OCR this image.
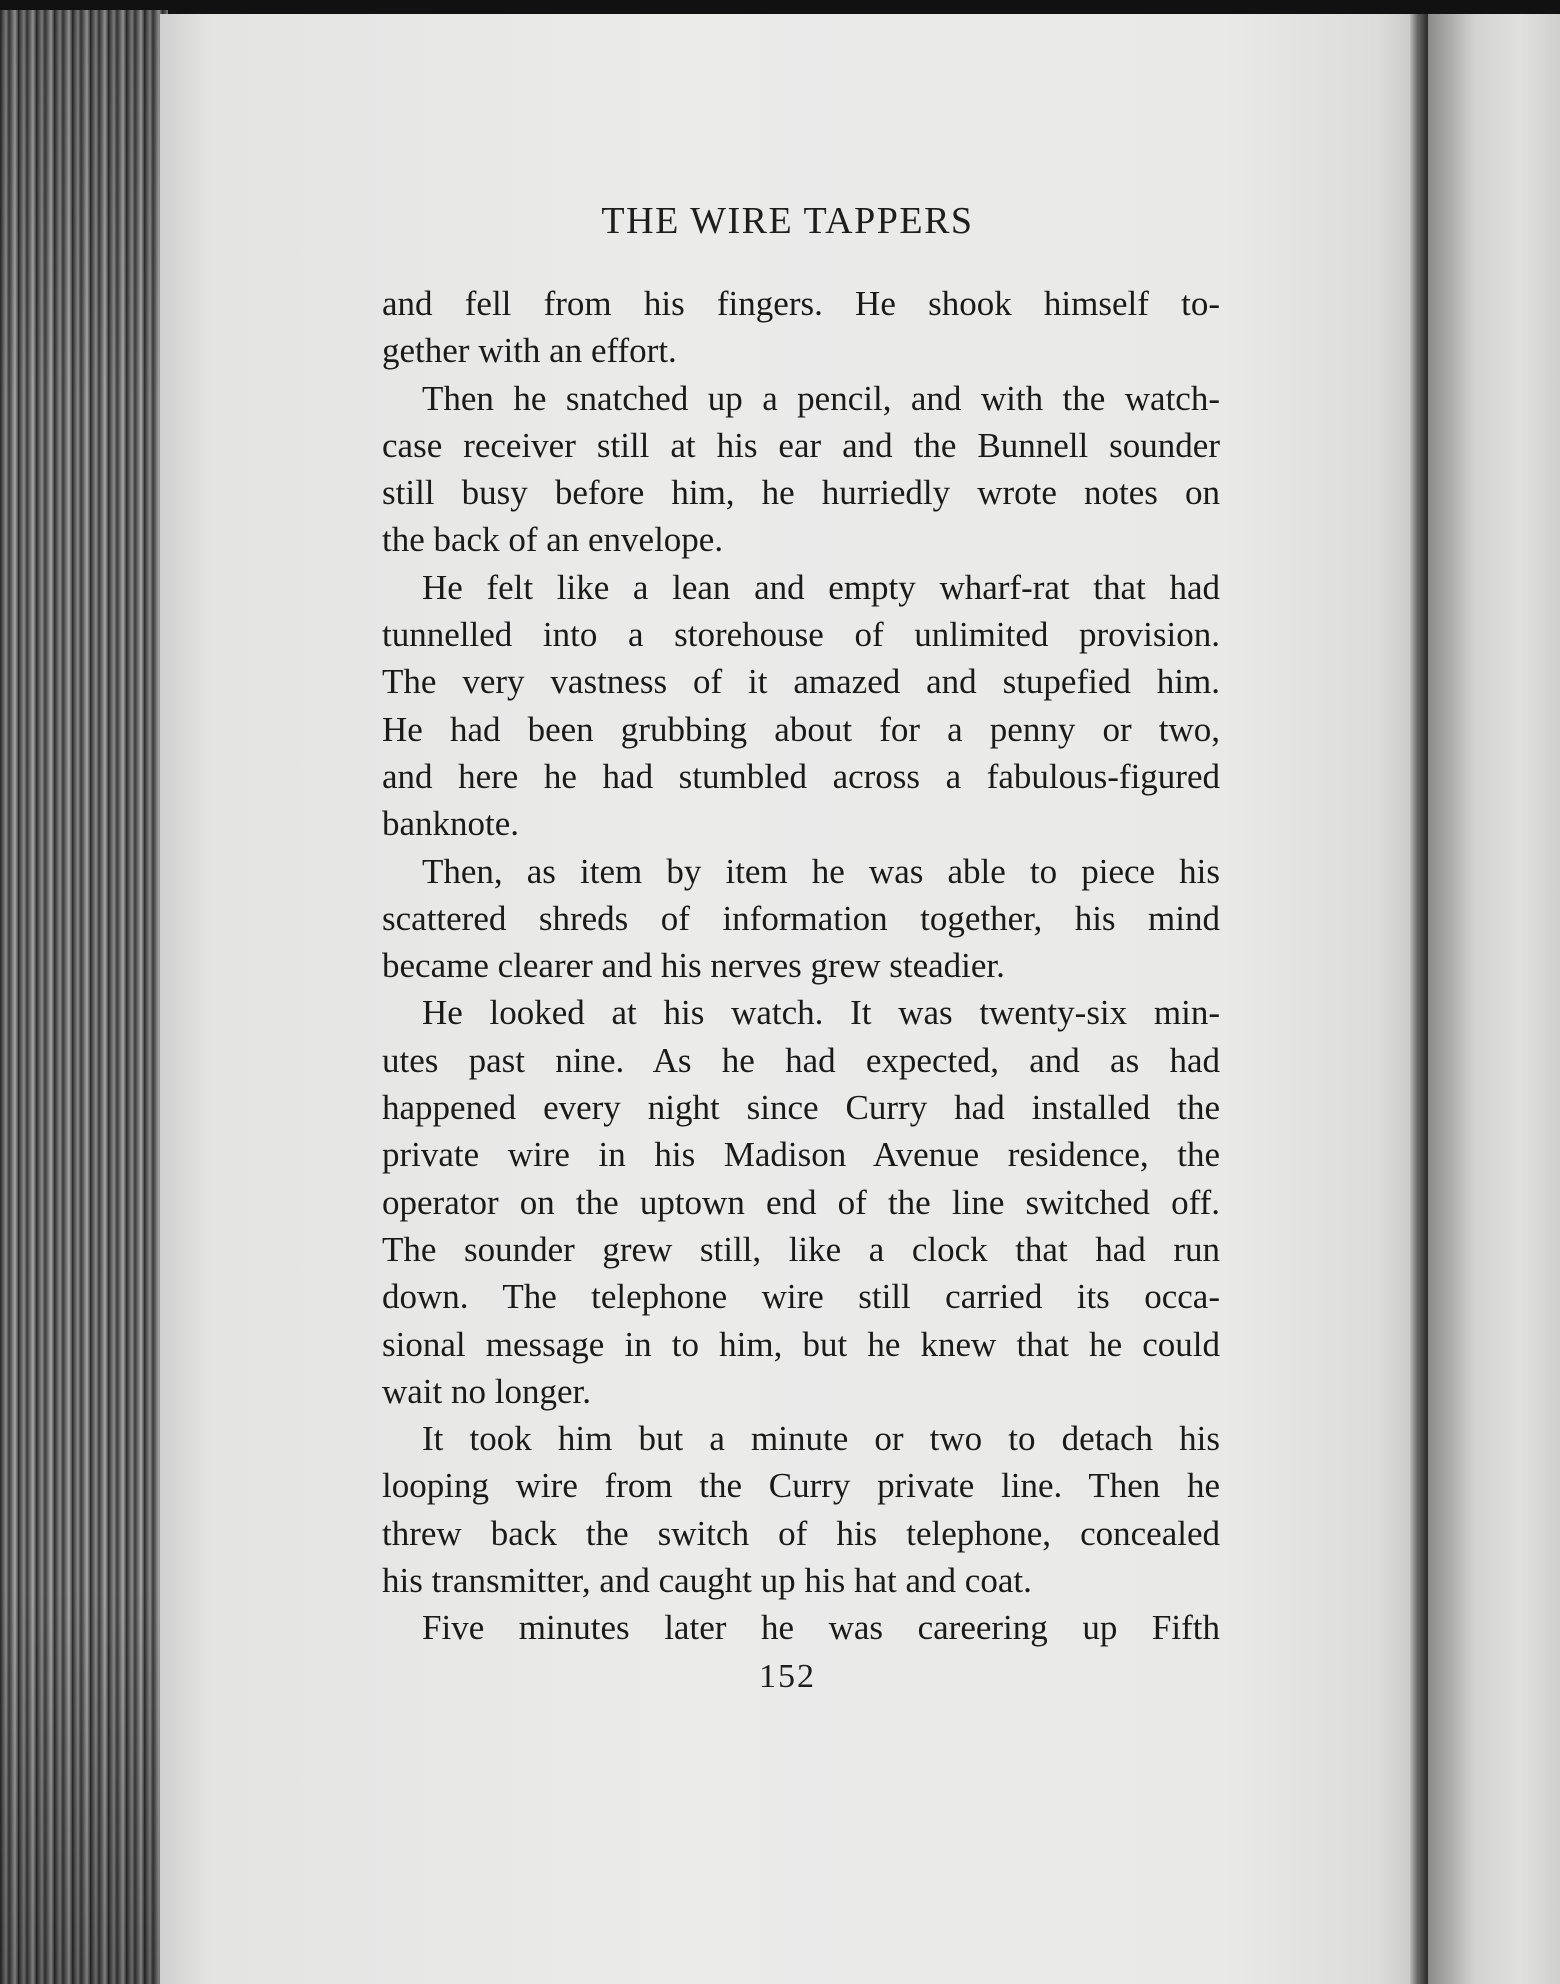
THE WIRE TAPPERS
and fell from his fingers. He shook himself to-
gether with an effort.
Then he snatched up a pencil, and with the watch-
case receiver still at his ear and the Bunnell sounder
still busy before him, he hurriedly wrote notes on
the back of an envelope.
He felt like a lean and empty wharf-rat that had
tunnelled into a storehouse of unlimited provision.
The very vastness of it amazed and stupefied him.
He had been grubbing about for a penny or two,
and here he had stumbled across a fabulous-figured
banknote.
Then, as item by item he was able to piece his
scattered shreds of information together, his mind
became clearer and his nerves grew steadier.
He looked at his watch. It was twenty-six min-
utes past nine. As he had expected, and as had
happened every night since Curry had installed the
private wire in his Madison Avenue residence, the
operator on the uptown end of the line switched off.
The sounder grew still, like a clock that had run
down. The telephone wire still carried its occa-
sional message in to him, but he knew that he could
wait no longer.
It took him but a minute or two to detach his
looping wire from the Curry private line. Then he
threw back the switch of his telephone, concealed
his transmitter, and caught up his hat and coat.
Five minutes later he was careering up Fifth
152
